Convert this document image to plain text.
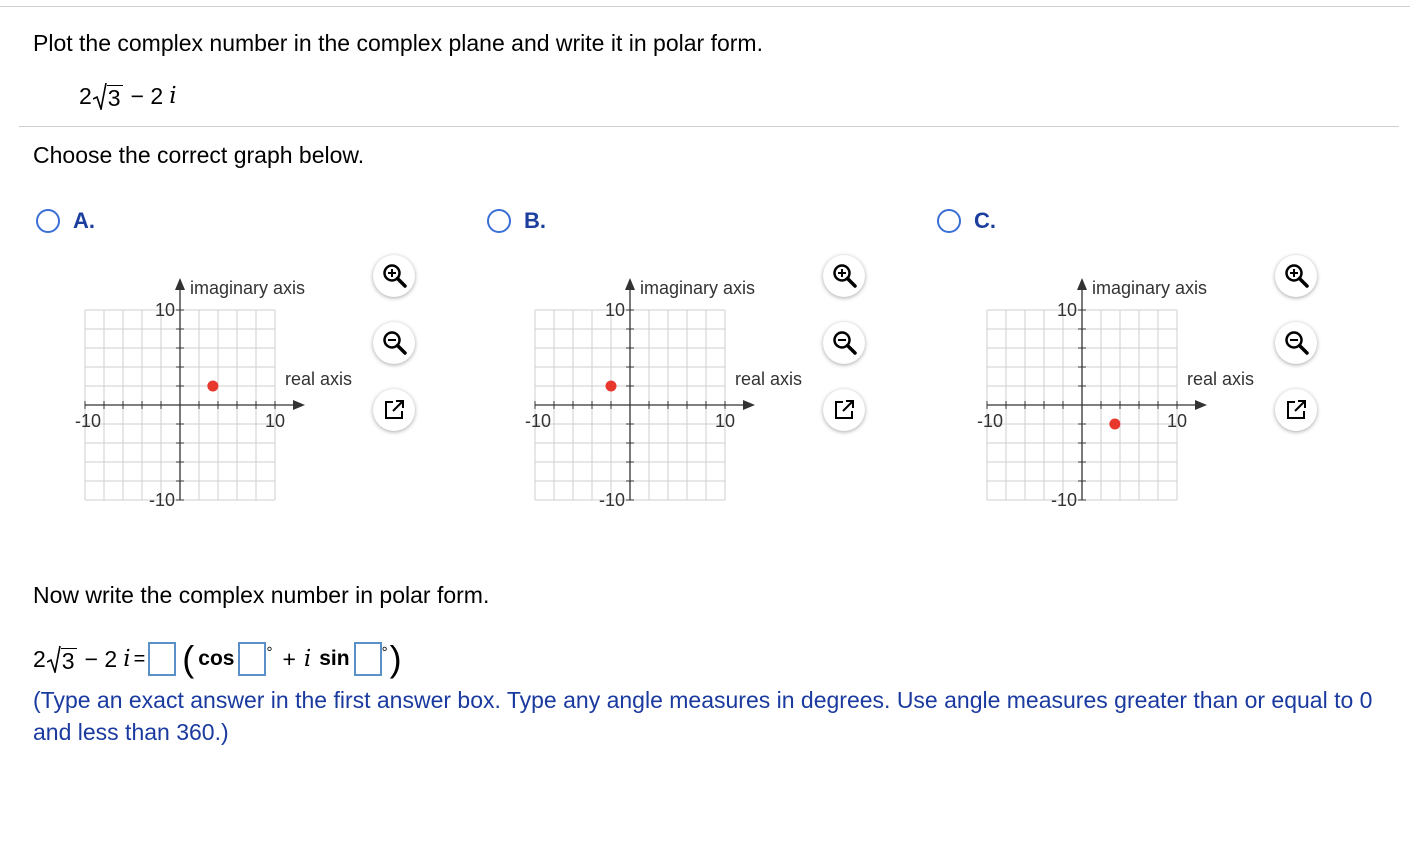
Plot the complex number in the complex plane and write it in polar form.
2 3 − 2 i
Choose the correct graph below.
A.
imaginary axis
real axis
10
-10
-10	10
B.
imaginary axis
real axis
10
-10
-10	10
C.
imaginary axis
real axis
10
-10
-10	10
Now write the complex number in polar form.
2 3 − 2 i = ( cos ° + i sin ° )
(Type an exact answer in the first answer box. Type any angle measures in degrees. Use angle measures greater than or equal to 0 and less than 360.)
